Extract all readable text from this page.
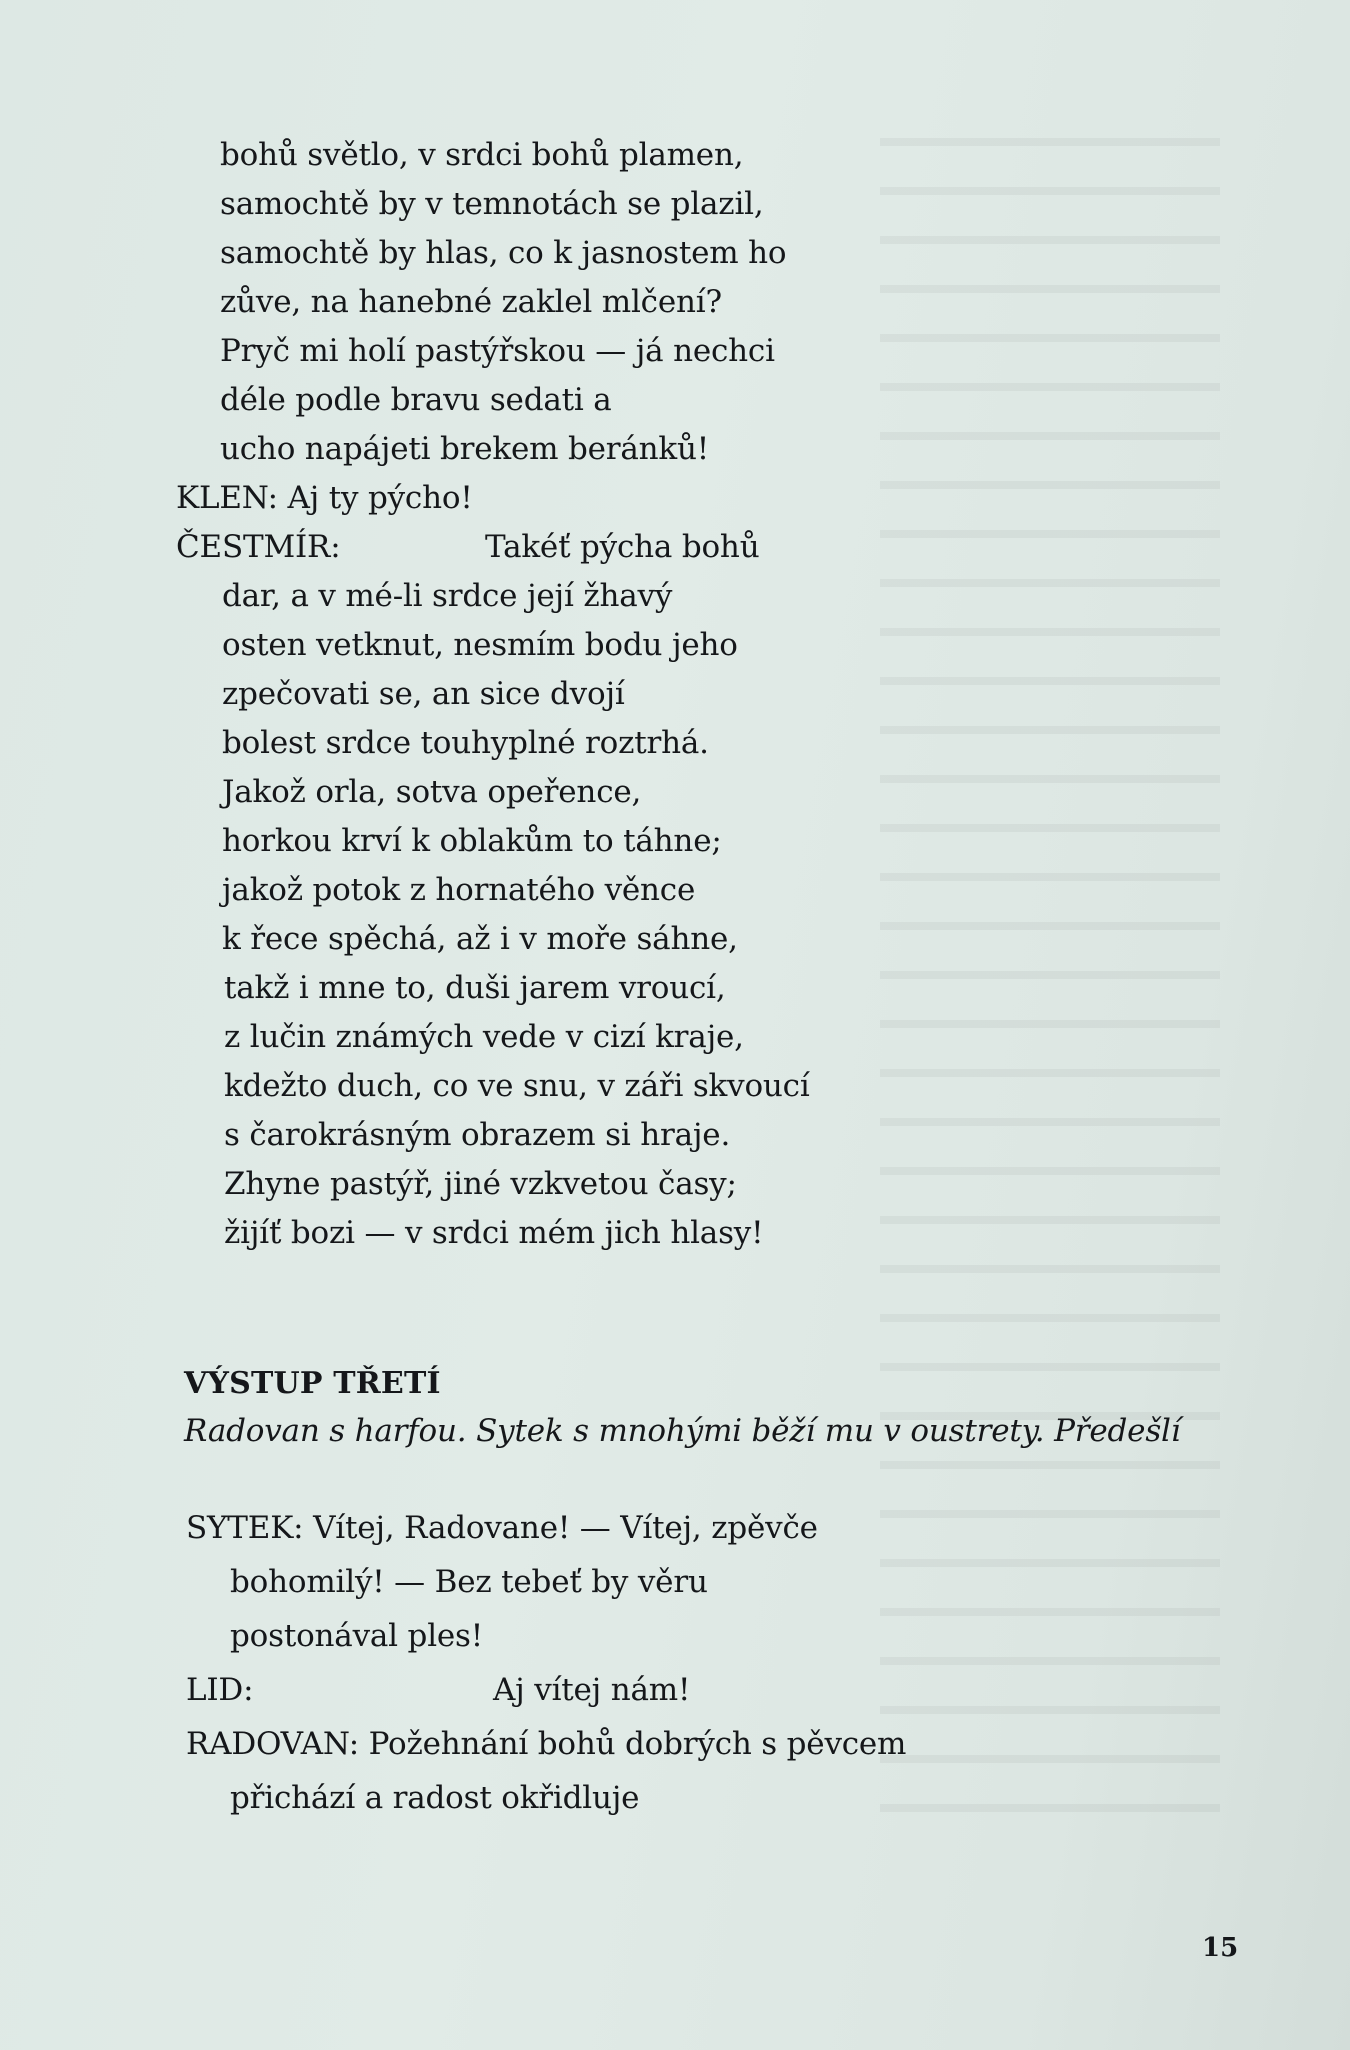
bohů světlo, v srdci bohů plamen,
samochtě by v temnotách se plazil,
samochtě by hlas, co k jasnostem ho
zůve, na hanebné zaklel mlčení?
Pryč mi holí pastýřskou — já nechci
déle podle bravu sedati a
ucho napájeti brekem beránků!
KLEN: Aj ty pýcho!
ČESTMÍR:	Takéť pýcha bohů
dar, a v mé-li srdce její žhavý
osten vetknut, nesmím bodu jeho
zpečovati se, an sice dvojí
bolest srdce touhyplné roztrhá.
Jakož orla, sotva opeřence,
horkou krví k oblakům to táhne;
jakož potok z hornatého věnce
k řece spěchá, až i v moře sáhne,
takž i mne to, duši jarem vroucí,
z lučin známých vede v cizí kraje,
kdežto duch, co ve snu, v záři skvoucí
s čarokrásným obrazem si hraje.
Zhyne pastýř, jiné vzkvetou časy;
žijíť bozi — v srdci mém jich hlasy!
VÝSTUP TŘETÍ
Radovan s harfou. Sytek s mnohými běží mu v oustrety. Předešlí
SYTEK: Vítej, Radovane! — Vítej, zpěvče
bohomilý! — Bez tebeť by věru
postonával ples!
LID:	Aj vítej nám!
RADOVAN: Požehnání bohů dobrých s pěvcem
přichází a radost okřidluje
15
